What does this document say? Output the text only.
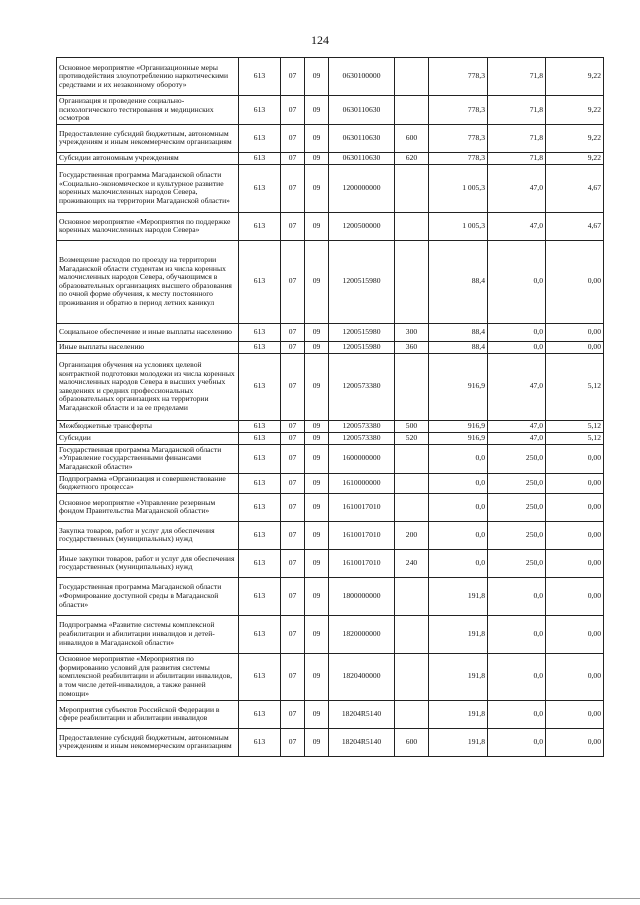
124
Основное мероприятие «Организационные меры противодействия злоупотреблению наркотическими средствами и их незаконному обороту»	613	07	09	0630100000		778,3	71,8	9,22
Организация и проведение социально-психологического тестирования и медицинских осмотров	613	07	09	0630110630		778,3	71,8	9,22
Предоставление субсидий бюджетным, автономным учреждениям и иным некоммерческим организациям	613	07	09	0630110630	600	778,3	71,8	9,22
Субсидии автономным учреждениям	613	07	09	0630110630	620	778,3	71,8	9,22
Государственная программа Магаданской области «Социально-экономическое и культурное развитие коренных малочисленных народов Севера, проживающих на территории Магаданской области»	613	07	09	1200000000		1 005,3	47,0	4,67
Основное мероприятие «Мероприятия по поддержке коренных малочисленных народов Севера»	613	07	09	1200500000		1 005,3	47,0	4,67
Возмещение расходов по проезду на территории Магаданской области студентам из числа коренных малочисленных народов Севера, обучающимся в образовательных организациях высшего образования по очной форме обучения, к месту постоянного проживания и обратно в период летних каникул	613	07	09	1200515980		88,4	0,0	0,00
Социальное обеспечение и иные выплаты населению	613	07	09	1200515980	300	88,4	0,0	0,00
Иные выплаты населению	613	07	09	1200515980	360	88,4	0,0	0,00
Организация обучения на условиях целевой контрактной подготовки молодежи из числа коренных малочисленных народов Севера в высших учебных заведениях и средних профессиональных образовательных организациях на территории Магаданской области и за ее пределами	613	07	09	1200573380		916,9	47,0	5,12
Межбюджетные трансферты	613	07	09	1200573380	500	916,9	47,0	5,12
Субсидии	613	07	09	1200573380	520	916,9	47,0	5,12
Государственная программа Магаданской области «Управление государственными финансами Магаданской области»	613	07	09	1600000000		0,0	250,0	0,00
Подпрограмма «Организация и совершенствование бюджетного процесса»	613	07	09	1610000000		0,0	250,0	0,00
Основное мероприятие «Управление резервным фондом Правительства Магаданской области»	613	07	09	1610017010		0,0	250,0	0,00
Закупка товаров, работ и услуг для обеспечения государственных (муниципальных) нужд	613	07	09	1610017010	200	0,0	250,0	0,00
Иные закупки товаров, работ и услуг для обеспечения государственных (муниципальных) нужд	613	07	09	1610017010	240	0,0	250,0	0,00
Государственная программа Магаданской области «Формирование доступной среды в Магаданской области»	613	07	09	1800000000		191,8	0,0	0,00
Подпрограмма «Развитие системы комплексной реабилитации и абилитации инвалидов и детей-инвалидов в Магаданской области»	613	07	09	1820000000		191,8	0,0	0,00
Основное мероприятие «Мероприятия по формированию условий для развития системы комплексной реабилитации и абилитации инвалидов, в том числе детей-инвалидов, а также ранней помощи»	613	07	09	1820400000		191,8	0,0	0,00
Мероприятия субъектов Российской Федерации в сфере реабилитации и абилитации инвалидов	613	07	09	18204R5140		191,8	0,0	0,00
Предоставление субсидий бюджетным, автономным учреждениям и иным некоммерческим организациям	613	07	09	18204R5140	600	191,8	0,0	0,00
